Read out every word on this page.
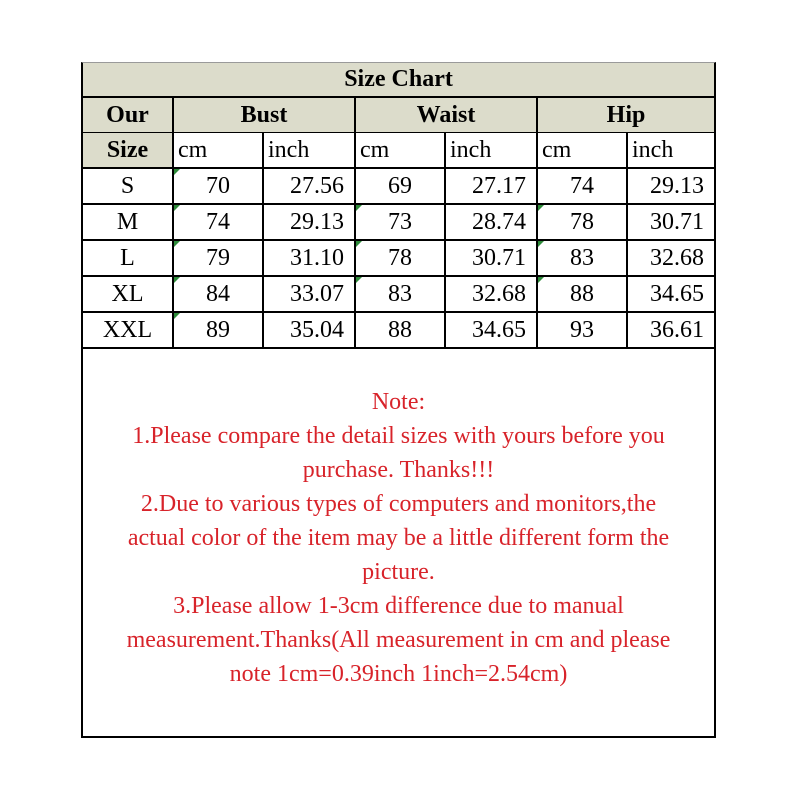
Size Chart						
Our	Bust		Waist		Hip	
Size	cm	inch	cm	inch	cm	inch
S	70	27.56	69	27.17	74	29.13
M	74	29.13	73	28.74	78	30.71
L	79	31.10	78	30.71	83	32.68
XL	84	33.07	83	32.68	88	34.65
XXL	89	35.04	88	34.65	93	36.61
Note:
1.Please compare the detail sizes with yours before you
purchase. Thanks!!!
2.Due to various types of computers and monitors,the
actual color of the item may be a little different form the
picture.
3.Please allow 1-3cm difference due to manual
measurement.Thanks(All measurement in cm and please
note 1cm=0.39inch 1inch=2.54cm)
